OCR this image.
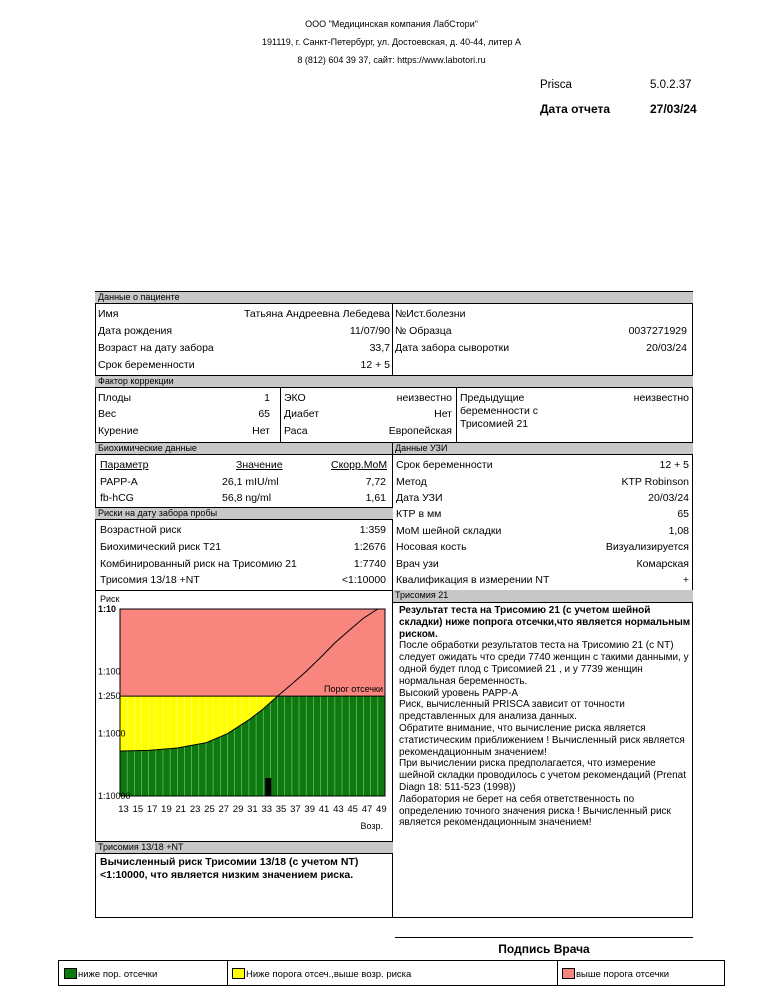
ООО "Медицинская компания ЛабСтори"
191119, г. Санкт-Петербург, ул. Достоевская, д. 40-44, литер А
8 (812) 604 39 37, сайт: https://www.labotori.ru
Prisca	5.0.2.37
Дата отчета	27/03/24
Данные о пациенте
Имя	Татьяна Андреевна Лебедева
Дата рождения	11/07/90
Возраст на дату забора	33,7
Срок беременности	12 + 5
№Ист.болезни
№ Образца	0037271929
Дата забора сыворотки	20/03/24
Фактор коррекции
Плоды	1
Вес	65
Курение	Нет
ЭКО	неизвестно
Диабет	Нет
Раса	Европейская
Предыдущие
беременности с
Трисомией 21
неизвестно
Биохимические данные	Данные УЗИ
Параметр	Значение	Скорр.MoM
PAPP-A	26,1 mIU/ml	7,72
fb-hCG	56,8 ng/ml	1,61
Срок беременности	12 + 5
Метод	KTP Robinson
Дата УЗИ	20/03/24
КТР в мм	65
MoM шейной складки	1,08
Носовая кость	Визуализируется
Врач узи	Комарская
Квалификация в измерении NT	+
Риски на дату забора пробы
Возрастной риск	1:359
Биохимический риск T21	1:2676
Комбинированный риск на Трисомию 21	1:7740
Трисомия 13/18 +NT	<1:10000
Трисомия 21
Риск
1:10
1:100
1:250
1:1000
1:10000
13 15 17 19 21 23 25 27 29 31 33 35 37 39 41 43 45 47 49
Возр.
Порог отсечки
Результат теста на Трисомию 21 (с учетом шейной складки) ниже попрога отсечки,что является нормальным риском.
После обработки результатов теста на Трисомию 21 (с NT) следует ожидать что среди 7740 женщин с такими данными, у одной будет плод с Трисомией 21 , и у 7739 женщин нормальная беременность.
Высокий уровень PAPP-A
Риск, вычисленный PRISCA зависит от точности представленных для анализа данных.
Обратите внимание, что вычисление риска является статистическим приближением ! Вычисленный риск является рекомендационным значением!
При вычислении риска предполагается, что измерение шейной складки проводилось с учетом рекомендаций (Prenat Diagn 18: 511-523 (1998))
Лаборатория не берет на себя ответственность по определению точного значения риска ! Вычисленный риск является рекомендационным значением!
Трисомия 13/18 +NT
Вычисленный риск Трисомии 13/18 (с учетом NT) <1:10000, что является низким значением риска.
Подпись Врача
ниже пор. отсечки	Ниже порога отсеч.,выше возр. риска	выше порога отсечки
